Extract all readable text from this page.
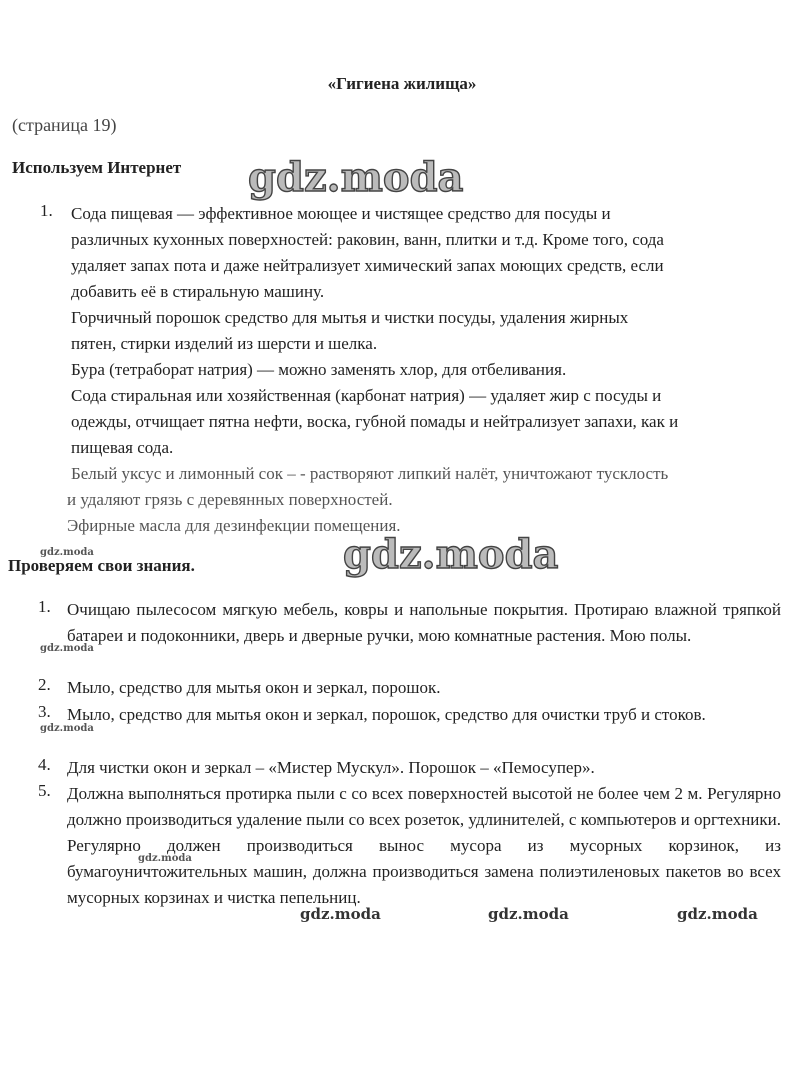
«Гигиена жилища»
(страница 19)
Используем Интернет
1. Сода пищевая — эффективное моющее и чистящее средство для посуды и
различных кухонных поверхностей: раковин, ванн, плитки и т.д. Кроме того, сода
удаляет запах пота и даже нейтрализует химический запах моющих средств, если
добавить её в стиральную машину.
Горчичный порошок средство для мытья и чистки посуды, удаления жирных
пятен, стирки изделий из шерсти и шелка.
Бура (тетраборат натрия) — можно заменять хлор, для отбеливания.
Сода стиральная или хозяйственная (карбонат натрия) — удаляет жир с посуды и
одежды, отчищает пятна нефти, воска, губной помады и нейтрализует запахи, как и
пищевая сода.
Белый уксус и лимонный сок – - растворяют липкий налёт, уничтожают тусклость
и удаляют грязь с деревянных поверхностей.
Эфирные масла для дезинфекции помещения.
Проверяем свои знания.
1. Очищаю пылесосом мягкую мебель, ковры и напольные покрытия. Протираю влажной тряпкой батареи и подоконники, дверь и дверные ручки, мою комнатные растения. Мою полы.
2. Мыло, средство для мытья окон и зеркал, порошок.
3. Мыло, средство для мытья окон и зеркал, порошок, средство для очистки труб и стоков.
4. Для чистки окон и зеркал – «Мистер Мускул». Порошок – «Пемосупер».
5. Должна выполняться протирка пыли с со всех поверхностей высотой не более чем 2 м. Регулярно должно производиться удаление пыли со всех розеток, удлинителей, с компьютеров и оргтехники. Регулярно должен производиться вынос мусора из мусорных корзинок, из бумагоуничтожительных машин, должна производиться замена полиэтиленовых пакетов во всех мусорных корзинах и чистка пепельниц.
gdz.moda
gdz.moda
gdz.moda
gdz.moda
gdz.moda
gdz.moda
gdz.moda	gdz.moda	gdz.moda
